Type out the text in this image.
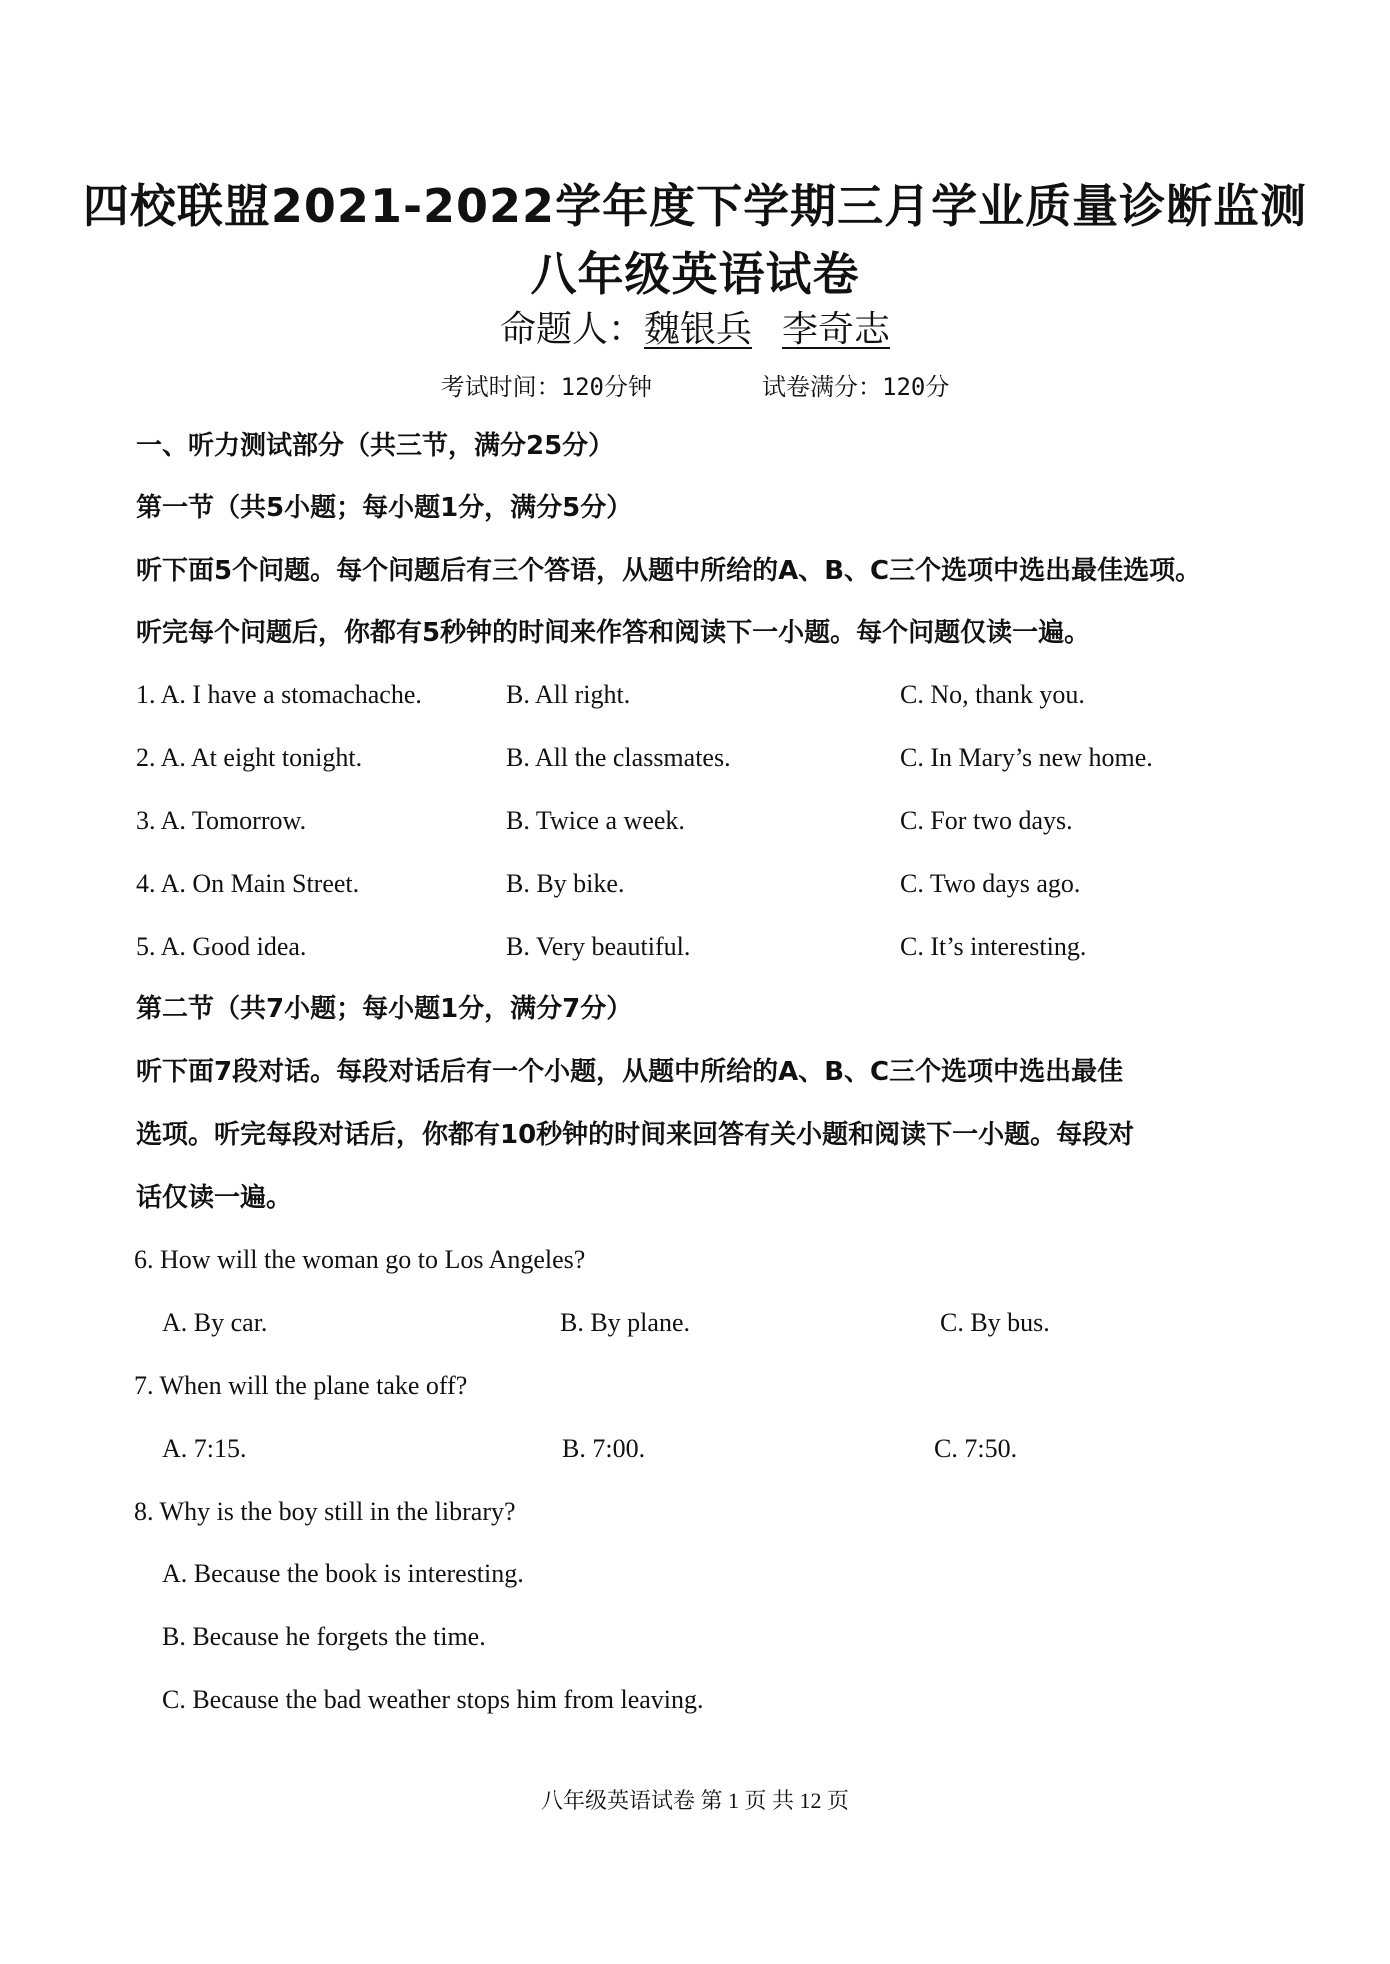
四校联盟2021-2022学年度下学期三月学业质量诊断监测
八年级英语试卷
命题人：魏银兵 李奇志
考试时间：120分钟	试卷满分：120分
一、听力测试部分（共三节，满分25分）
第一节（共5小题；每小题1分，满分5分）
听下面5个问题。每个问题后有三个答语，从题中所给的A、B、C三个选项中选出最佳选项。
听完每个问题后，你都有5秒钟的时间来作答和阅读下一小题。每个问题仅读一遍。
1. A. I have a stomachache.	B. All right.	C. No, thank you.
2. A. At eight tonight.	B. All the classmates.	C. In Mary’s new home.
3. A. Tomorrow.	B. Twice a week.	C. For two days.
4. A. On Main Street.	B. By bike.	C. Two days ago.
5. A. Good idea.	B. Very beautiful.	C. It’s interesting.
第二节（共7小题；每小题1分，满分7分）
听下面7段对话。每段对话后有一个小题，从题中所给的A、B、C三个选项中选出最佳
选项。听完每段对话后，你都有10秒钟的时间来回答有关小题和阅读下一小题。每段对
话仅读一遍。
6. How will the woman go to Los Angeles?
A. By car.	B. By plane.	C. By bus.
7. When will the plane take off?
A. 7:15.	B. 7:00.	C. 7:50.
8. Why is the boy still in the library?
A. Because the book is interesting.
B. Because he forgets the time.
C. Because the bad weather stops him from leaving.
八年级英语试卷 第 1 页 共 12 页
